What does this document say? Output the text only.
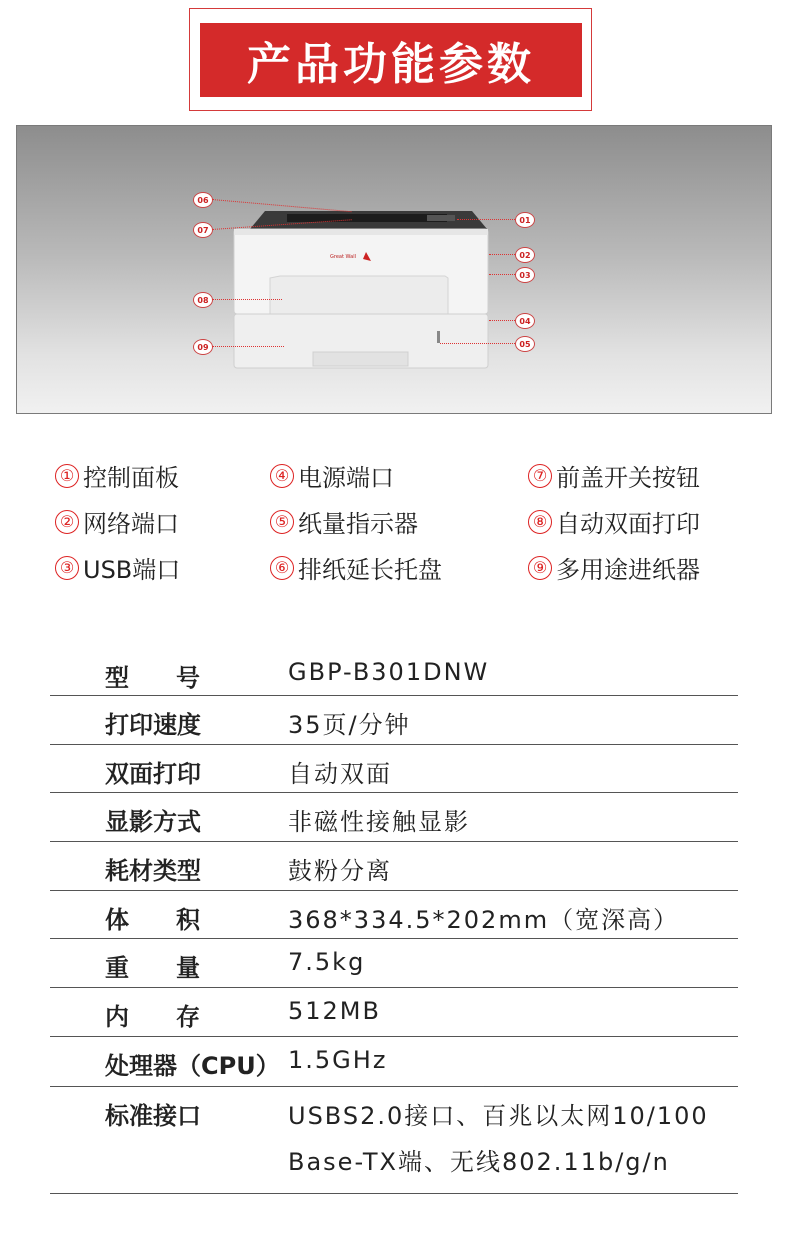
产品功能参数
Great Wall
06
07
08
09
01
02
03
04
05
① 控制面板
② 网络端口
③ USB端口
④ 电源端口
⑤ 纸量指示器
⑥ 排纸延长托盘
⑦ 前盖开关按钮
⑧ 自动双面打印
⑨ 多用途进纸器
型号	GBP-B301DNW
打印速度	35页/分钟
双面打印	自动双面
显影方式	非磁性接触显影
耗材类型	鼓粉分离
体积	368*334.5*202mm（宽深高）
重量	7.5kg
内存	512MB
处理器（CPU） 1.5GHz
标准接口	USBS2.0接口、百兆以太网10/100
Base-TX端、无线802.11b/g/n
